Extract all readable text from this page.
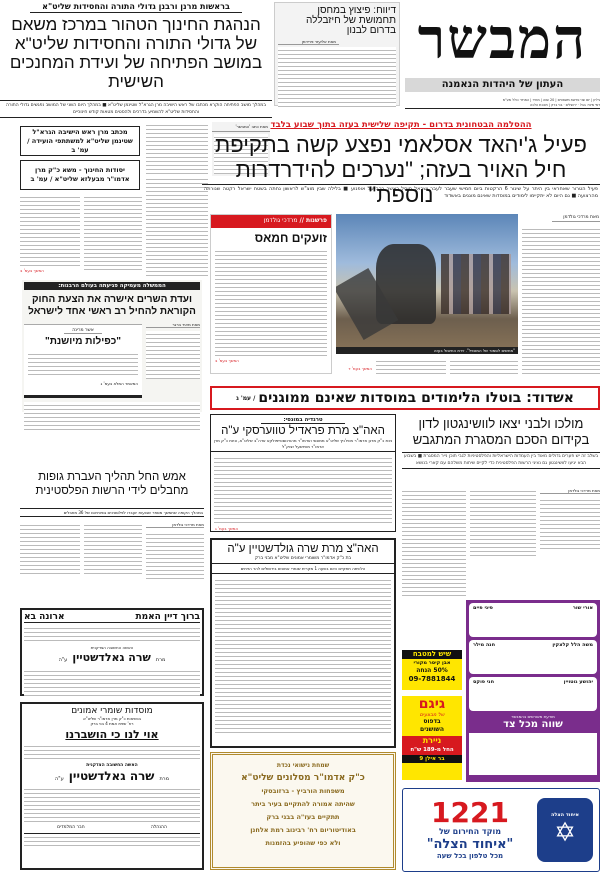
המבשר
העתון של היהדות הנאמנה
גיליון | יום שני פרשת משפטים | 20 שנה | מחיר | המחיר כולל מע"מ
דמי מינוי: בבל · ירושלים · בני ברק | תוכנת הלכה
דיווח: פיצוץ במחסן תחמושת של חיזבללה בדרום לבנון
מאת אליעזר פרידמן
בראשות מרנן ורבנן גדולי התורה והחסידות שליט"א
הנהגת החינוך הטהור במרכז משאם של גדולי התורה והחסידות שליט"א במושב הפתיחה של ועידת המחנכים השישית
במהלך מושב הפתיחה הוקרא מכתבו של ראש הישיבה מרן הגרא"ל שטינמן שליט"א ■ במהלך היום השני של המושב נפגשים גדולי התורה והחסידות שליט"א להשמיע בדרכים ולהסטים מטאות קודש חינוכיים
מאת כתב 'המבשר'
מכתב מרן ראש הישיבה הגרא"ל שטינמן שליט"א למשתתפי הועידה / עמ' ב
יסודות החינוך - משא כ"ק מרן אדמו"ר מבעלזא שליט"א / עמ' ב
המשך בעמ' ב
ההסלמה הבטחונית בדרום - תקיפה שלישית בעזה בתוך שבוע בלבד
פעיל ג'יהאד אסלאמי נפצע קשה בתקיפת חיל האויר בעזה; "נערכים להידרדרות נוספת"
פעיל הטרור שאחראי בין היתר על שיגור 6 הרקטות ביום חמישי שעבר לעבר ישראל חוסל כאשר רכב על אופנוע ■ בלילה שבין מוצ"ש לראשון נחתה בשטח ישראל רקטה שנורתה מהרצועה ■ גם היום לא יתקיימו לימודים במוסדות שאינם מוגנים באשדוד
מאת מרדכי גולדמן
"מחשים לסמור של המטפל". זירת החיסול בעזה
המשך בעמ' ד
פרשנות // מרדכי גולדמן
זועקים חמאס
המשך בעמ' ב
הממשלה מעמיקה פגיעתה בעולם הרבנות:
ועדת השרים אישרה את הצעת החוק הקוראת להחיל רב ראשי אחד לישראל
מאת מאיר ברגר
אשר מרינה
"כפילות מיושנת"
המאמר המלא בעמ' ג
אשדוד: בוטלו הלימודים במוסדות שאינם ממוגנים
/ עמ' ג
מולכו ולבני יצאו לוושינגטון לדון בקידום הסכם המסגרת המתגבש
בשלב זה יש פערים גדולים מאוד בין העמדות הישראליות והפלסטיניות לגבי תוכן נייר המסגרת ■ בשבוע הבא יגיעו לוושינגטון גם נציגי הרשות הפלסטינית כדי לקיים שיחות משלהם עם קארי בנושא
מאת מרדכי גולדמן
טרגדיה במונסי:
האה"צ מרת פראדיל טווערסקי ע"ה
נינת כ"ק מרנן אדמו"ר מוויז'ניץ שליט"א ממונסי ואדמו"ר מהורנוסטייפולקא אדה"ב שליט"א, ונינת כ"ק מרן אדמו"ר מוויזשעל זצוק"ל
המשך בעמ' ג
האה"צ מרת שרה גולדשטיין ע"ה
בת כ"ק אדמו"ר משומרי אמונים שליט"א מבני ברק
הלוויתה תתקיים היום בשעה 1 מקרית שומרי אמונים בירושלים להר הזיתים
אמש החל תהליך העברת גופות מחבלים לידי הרשות הפלסטינית
במהלך הקופה שתמשך מספר שבועות יועברו לפלסטינים גופותיהם של 36 מחבלים
מאת מרדכי גולדמן
ברוך דיין האמת
ארונה בא
האשה החשובה הצדקנית
מרת שרה גאלדשטיין ע"ה
מוסדות שומרי אמונים
בנשיאות כ"ק מרן אדמו"ר שליט"א
רח' שפת אמת 4 בני ברק
אוי לנו כי הושברנו
האשה החשובה הצדקנית
מרת שרה גאלדשטיין ע"ה
ההנהלה
חבר המלמדים
שמחת נישואי נכדת
כ"ק אדמו"ר מסלונים שליט"א
משפחות הורביץ - ברזובסקי
שהיתה אמורה להתקיים בעיר ביתר
תתקיים בעז"ה בבני ברק
באודיטוריום רח' רבינוב רמת אלחנן
ולא כפי שהופיע בהזמנות
שיש למטבח
אבן קיסר מקורי
50% הנחה
09-7881844
גיגם
של מבצעים
בדפוס
השושנים
ניירת
החל מ-189 ש"ח
בר אילן 9
אורי שור
פיני פיים
משה הלל קלצקין
חנה מילר
יהושע גוטויין
חני פוקס
מודעת מאורסים בהמבשר
שווה מכל צד
איחוד הצלה
✡
1221
מוקד החירום של
"איחוד הצלה"
מכל טלפון בכל שעה
